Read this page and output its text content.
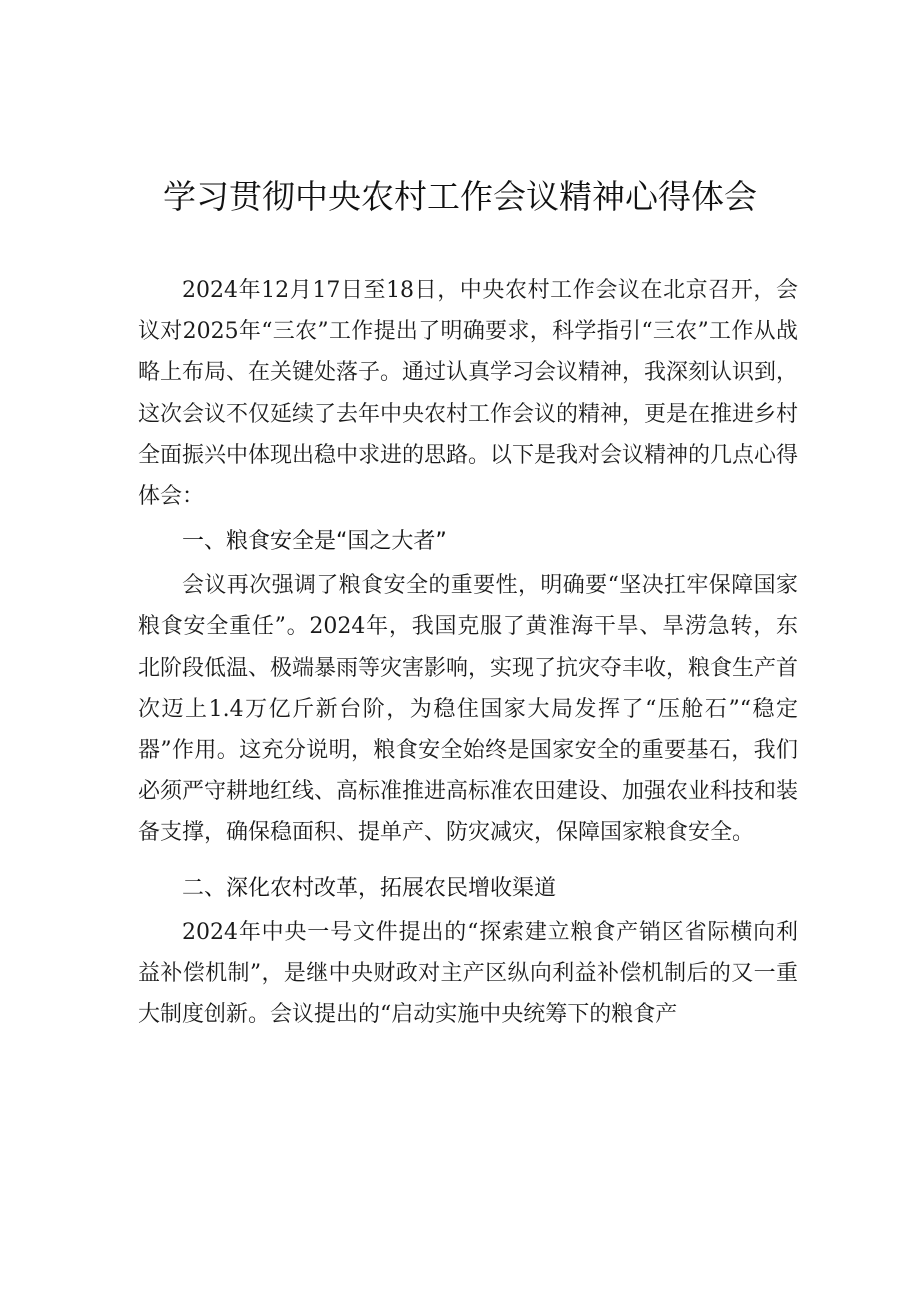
学习贯彻中央农村工作会议精神心得体会

2024年12月17日至18日，中央农村工作会议在北京召开，会议对2025年“三农”工作提出了明确要求，科学指引“三农”工作从战略上布局、在关键处落子。通过认真学习会议精神，我深刻认识到，这次会议不仅延续了去年中央农村工作会议的精神，更是在推进乡村全面振兴中体现出稳中求进的思路。以下是我对会议精神的几点心得体会：

一、粮食安全是“国之大者”

会议再次强调了粮食安全的重要性，明确要“坚决扛牢保障国家粮食安全重任”。2024年，我国克服了黄淮海干旱、旱涝急转，东北阶段低温、极端暴雨等灾害影响，实现了抗灾夺丰收，粮食生产首次迈上1.4万亿斤新台阶，为稳住国家大局发挥了“压舱石”“稳定器”作用。这充分说明，粮食安全始终是国家安全的重要基石，我们必须严守耕地红线、高标准推进高标准农田建设、加强农业科技和装备支撑，确保稳面积、提单产、防灾减灾，保障国家粮食安全。

二、深化农村改革，拓展农民增收渠道

2024年中央一号文件提出的“探索建立粮食产销区省际横向利益补偿机制”，是继中央财政对主产区纵向利益补偿机制后的又一重大制度创新。会议提出的“启动实施中央统筹下的粮食产
